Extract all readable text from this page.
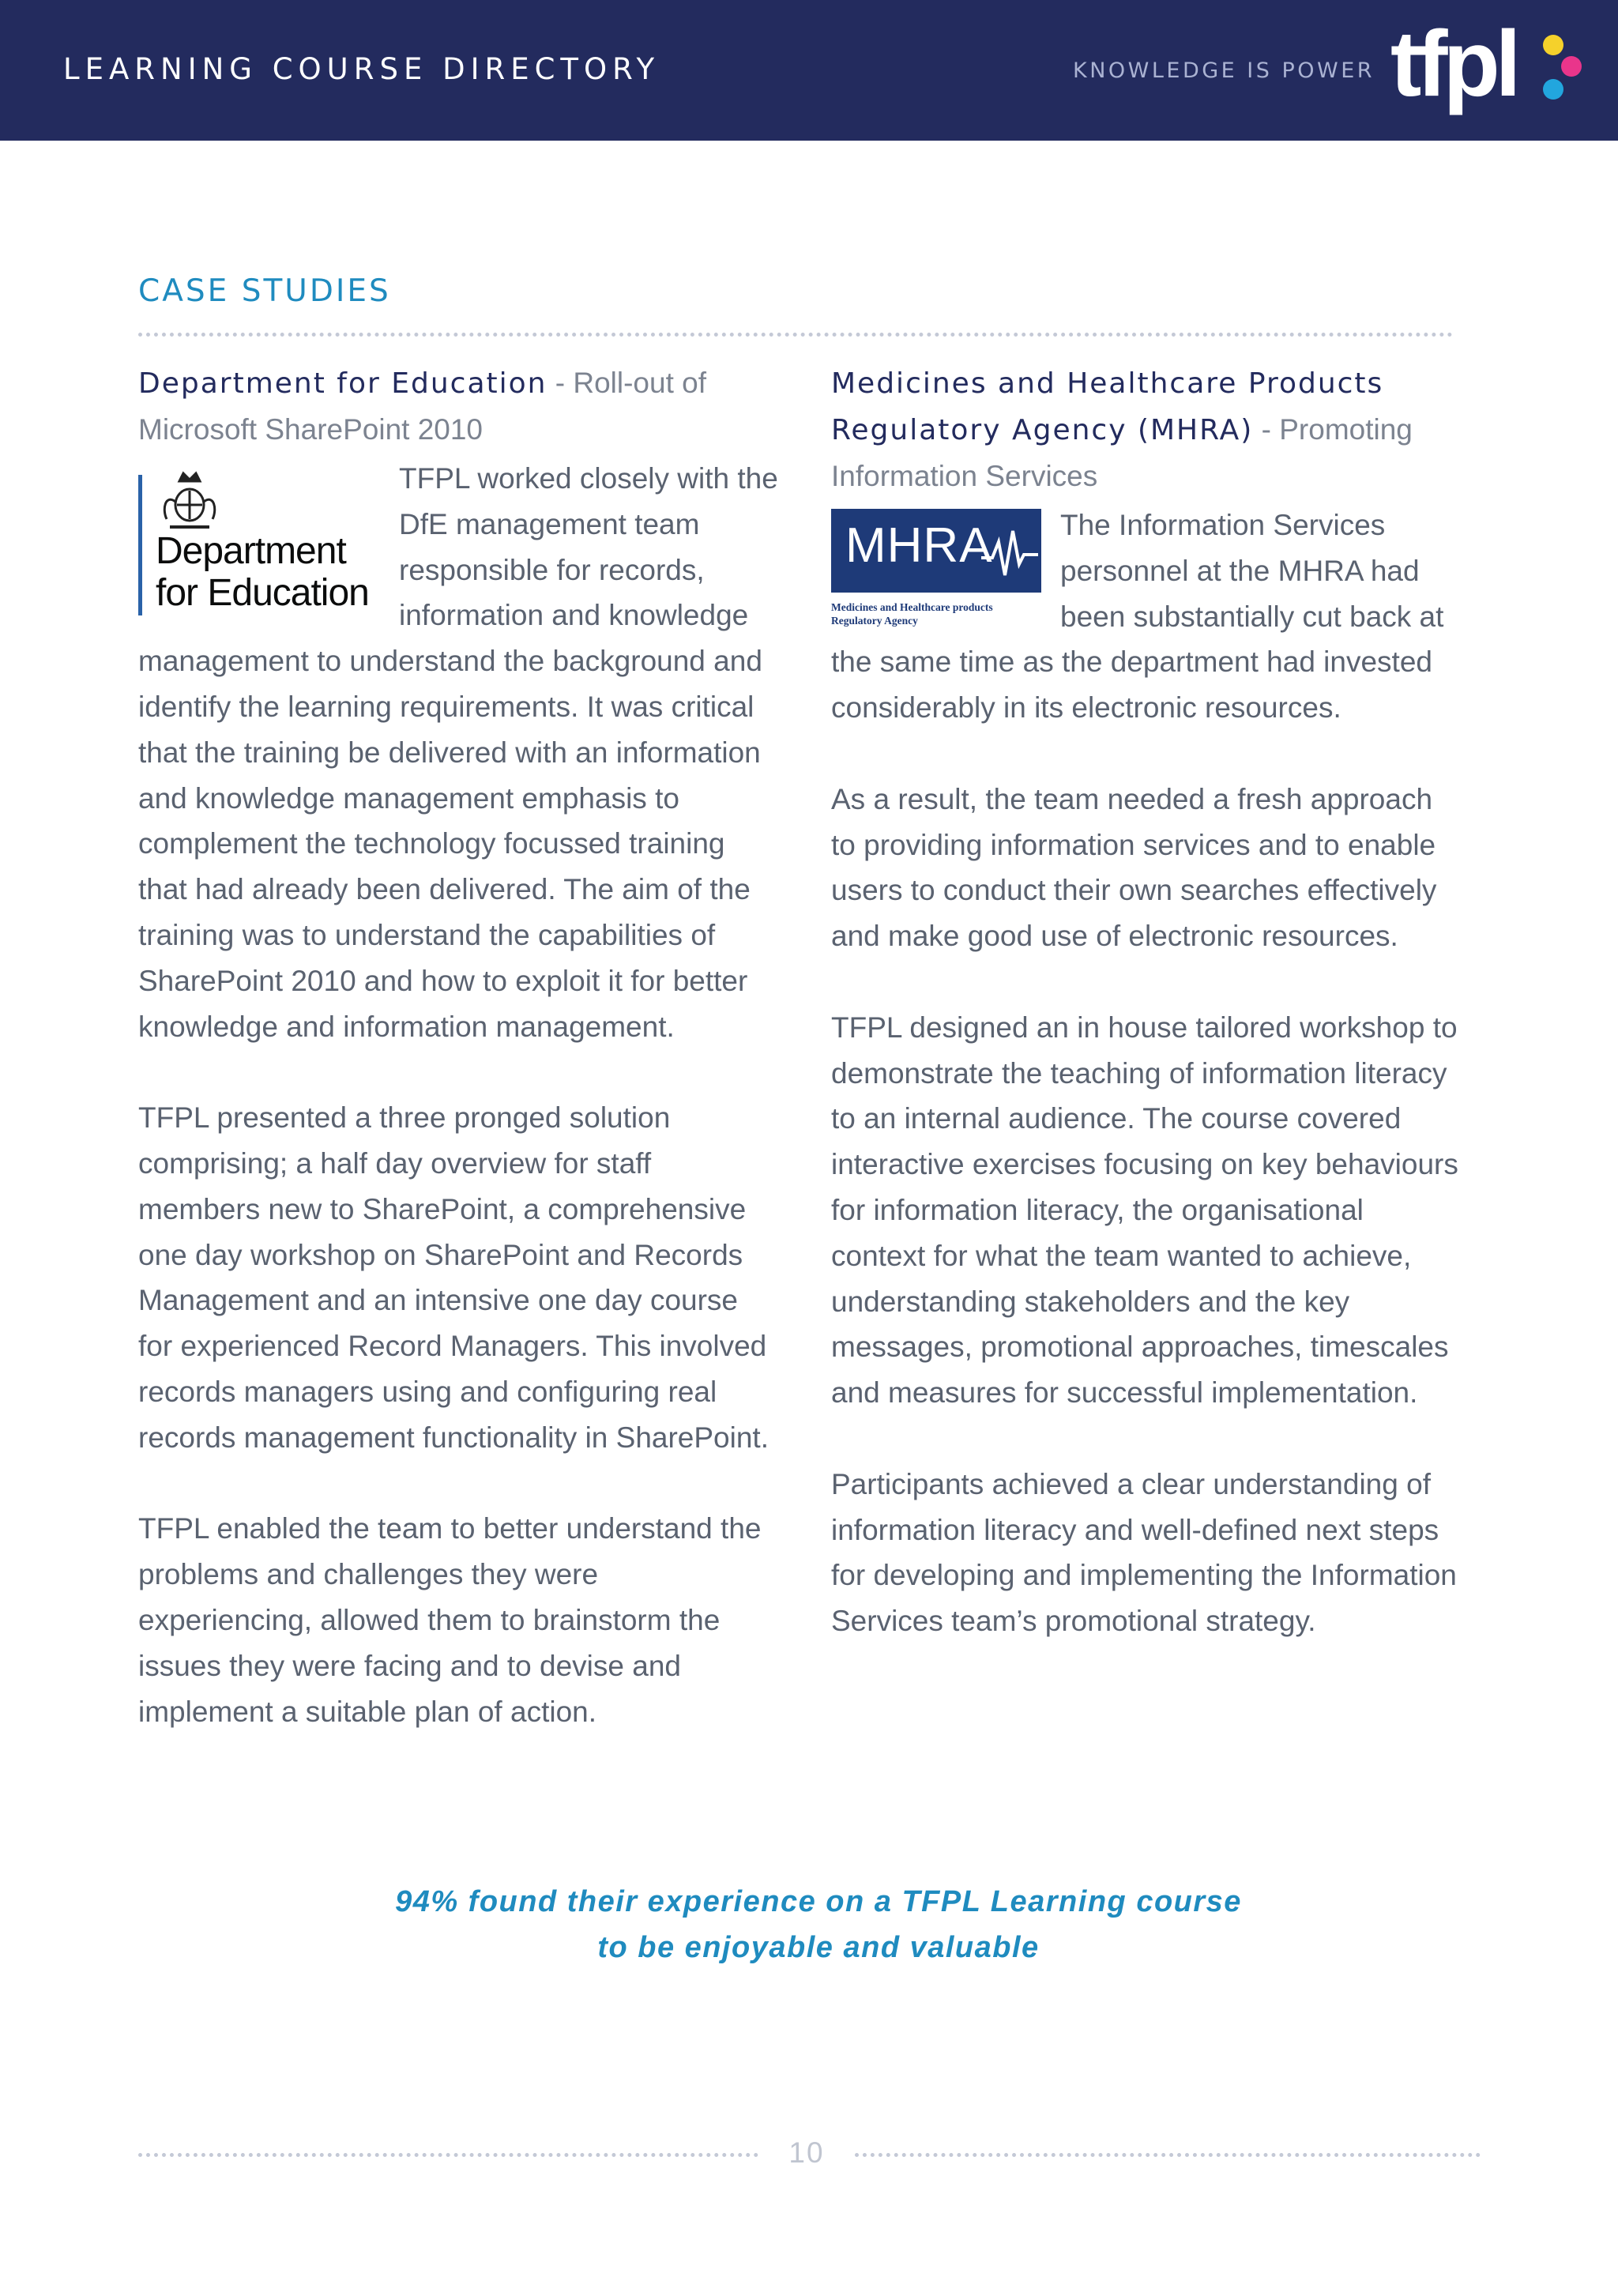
LEARNING COURSE DIRECTORY	KNOWLEDGE IS POWER tfpl
CASE STUDIES
Department for Education - Roll-out of Microsoft SharePoint 2010
Department
for Education

TFPL worked closely with the DfE management team responsible for records, information and knowledge management to understand the background and identify the learning requirements. It was critical that the training be delivered with an information and knowledge management emphasis to complement the technology focussed training that had already been delivered. The aim of the training was to understand the capabilities of SharePoint 2010 and how to exploit it for better knowledge and information management.

TFPL presented a three pronged solution comprising; a half day overview for staff members new to SharePoint, a comprehensive one day workshop on SharePoint and Records Management and an intensive one day course for experienced Record Managers. This involved records managers using and configuring real records management functionality in SharePoint.

TFPL enabled the team to better understand the problems and challenges they were experiencing, allowed them to brainstorm the issues they were facing and to devise and implement a suitable plan of action.

Medicines and Healthcare Products Regulatory Agency (MHRA) - Promoting Information Services
MHRA
Medicines and Healthcare products
Regulatory Agency

The Information Services personnel at the MHRA had been substantially cut back at the same time as the department had invested considerably in its electronic resources.

As a result, the team needed a fresh approach to providing information services and to enable users to conduct their own searches effectively and make good use of electronic resources.

TFPL designed an in house tailored workshop to demonstrate the teaching of information literacy to an internal audience. The course covered interactive exercises focusing on key behaviours for information literacy, the organisational context for what the team wanted to achieve, understanding stakeholders and the key messages, promotional approaches, timescales and measures for successful implementation.

Participants achieved a clear understanding of information literacy and well-defined next steps for developing and implementing the Information Services team’s promotional strategy.

94% found their experience on a TFPL Learning course
to be enjoyable and valuable
10
